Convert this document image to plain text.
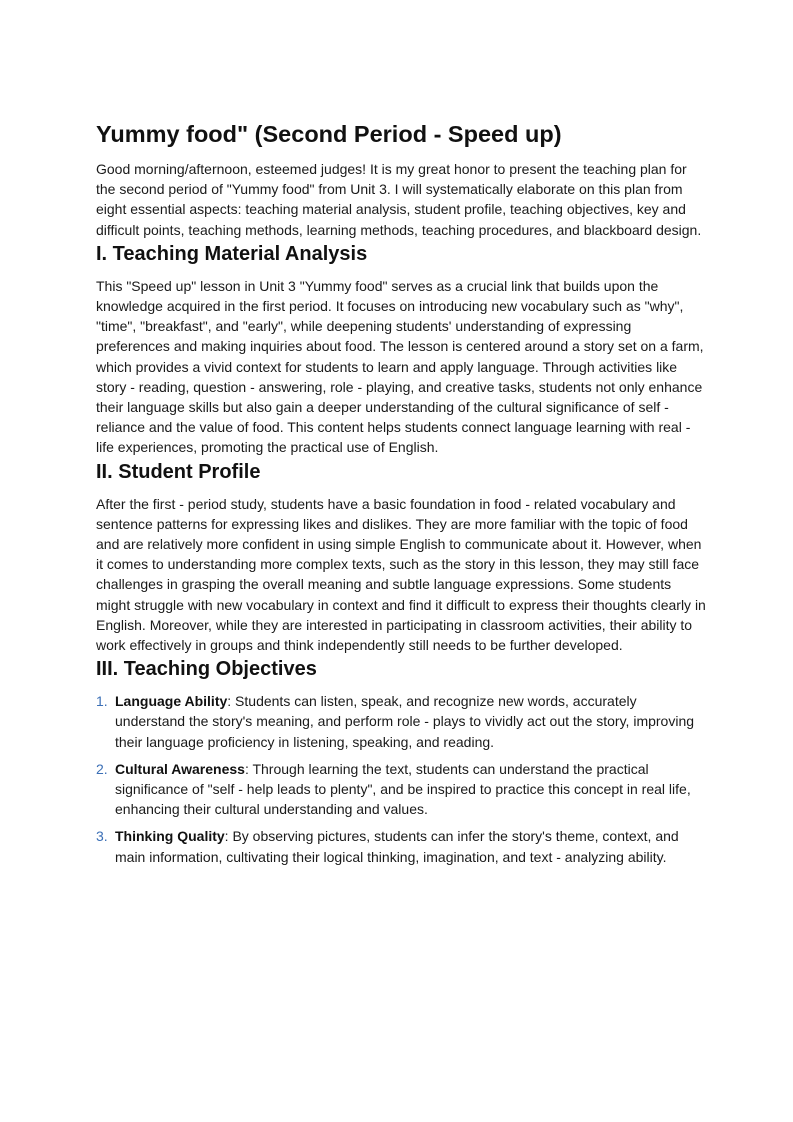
Yummy food" (Second Period - Speed up)

Good morning/afternoon, esteemed judges! It is my great honor to present the teaching plan for the second period of "Yummy food" from Unit 3. I will systematically elaborate on this plan from eight essential aspects: teaching material analysis, student profile, teaching objectives, key and difficult points, teaching methods, learning methods, teaching procedures, and blackboard design.

I. Teaching Material Analysis

This "Speed up" lesson in Unit 3 "Yummy food" serves as a crucial link that builds upon the knowledge acquired in the first period. It focuses on introducing new vocabulary such as "why", "time", "breakfast", and "early", while deepening students' understanding of expressing preferences and making inquiries about food. The lesson is centered around a story set on a farm, which provides a vivid context for students to learn and apply language. Through activities like story - reading, question - answering, role - playing, and creative tasks, students not only enhance their language skills but also gain a deeper understanding of the cultural significance of self - reliance and the value of food. This content helps students connect language learning with real - life experiences, promoting the practical use of English.

II. Student Profile

After the first - period study, students have a basic foundation in food - related vocabulary and sentence patterns for expressing likes and dislikes. They are more familiar with the topic of food and are relatively more confident in using simple English to communicate about it. However, when it comes to understanding more complex texts, such as the story in this lesson, they may still face challenges in grasping the overall meaning and subtle language expressions. Some students might struggle with new vocabulary in context and find it difficult to express their thoughts clearly in English. Moreover, while they are interested in participating in classroom activities, their ability to work effectively in groups and think independently still needs to be further developed.

III. Teaching Objectives
1. Language Ability: Students can listen, speak, and recognize new words, accurately understand the story's meaning, and perform role - plays to vividly act out the story, improving their language proficiency in listening, speaking, and reading.
2. Cultural Awareness: Through learning the text, students can understand the practical significance of "self - help leads to plenty", and be inspired to practice this concept in real life, enhancing their cultural understanding and values.
3. Thinking Quality: By observing pictures, students can infer the story's theme, context, and main information, cultivating their logical thinking, imagination, and text - analyzing ability.
